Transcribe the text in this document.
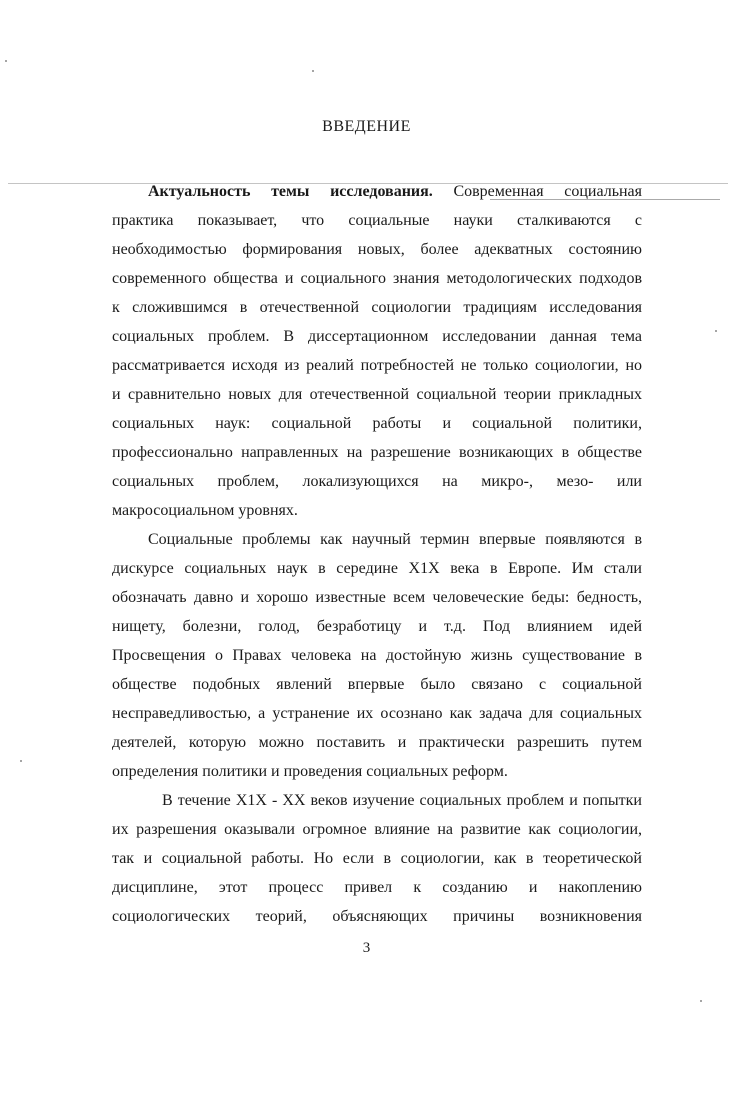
ВВЕДЕНИЕ
Актуальность темы исследования. Современная социальная
практика показывает, что социальные науки сталкиваются с
необходимостью формирования новых, более адекватных состоянию
современного общества и социального знания методологических подходов
к сложившимся в отечественной социологии традициям исследования
социальных проблем. В диссертационном исследовании данная тема
рассматривается исходя из реалий потребностей не только социологии, но
и сравнительно новых для отечественной социальной теории прикладных
социальных наук: социальной работы и социальной политики,
профессионально направленных на разрешение возникающих в обществе
социальных проблем, локализующихся на микро-, мезо- или
макросоциальном уровнях.
Социальные проблемы как научный термин впервые появляются в
дискурсе социальных наук в середине Х1Х века в Европе. Им стали
обозначать давно и хорошо известные всем человеческие беды: бедность,
нищету, болезни, голод, безработицу и т.д. Под влиянием идей
Просвещения о Правах человека на достойную жизнь существование в
обществе подобных явлений впервые было связано с социальной
несправедливостью, а устранение их осознано как задача для социальных
деятелей, которую можно поставить и практически разрешить путем
определения политики и проведения социальных реформ.
В течение Х1Х - ХХ веков изучение социальных проблем и попытки
их разрешения оказывали огромное влияние на развитие как социологии,
так и социальной работы. Но если в социологии, как в теоретической
дисциплине, этот процесс привел к созданию и накоплению
социологических теорий, объясняющих причины возникновения
3
